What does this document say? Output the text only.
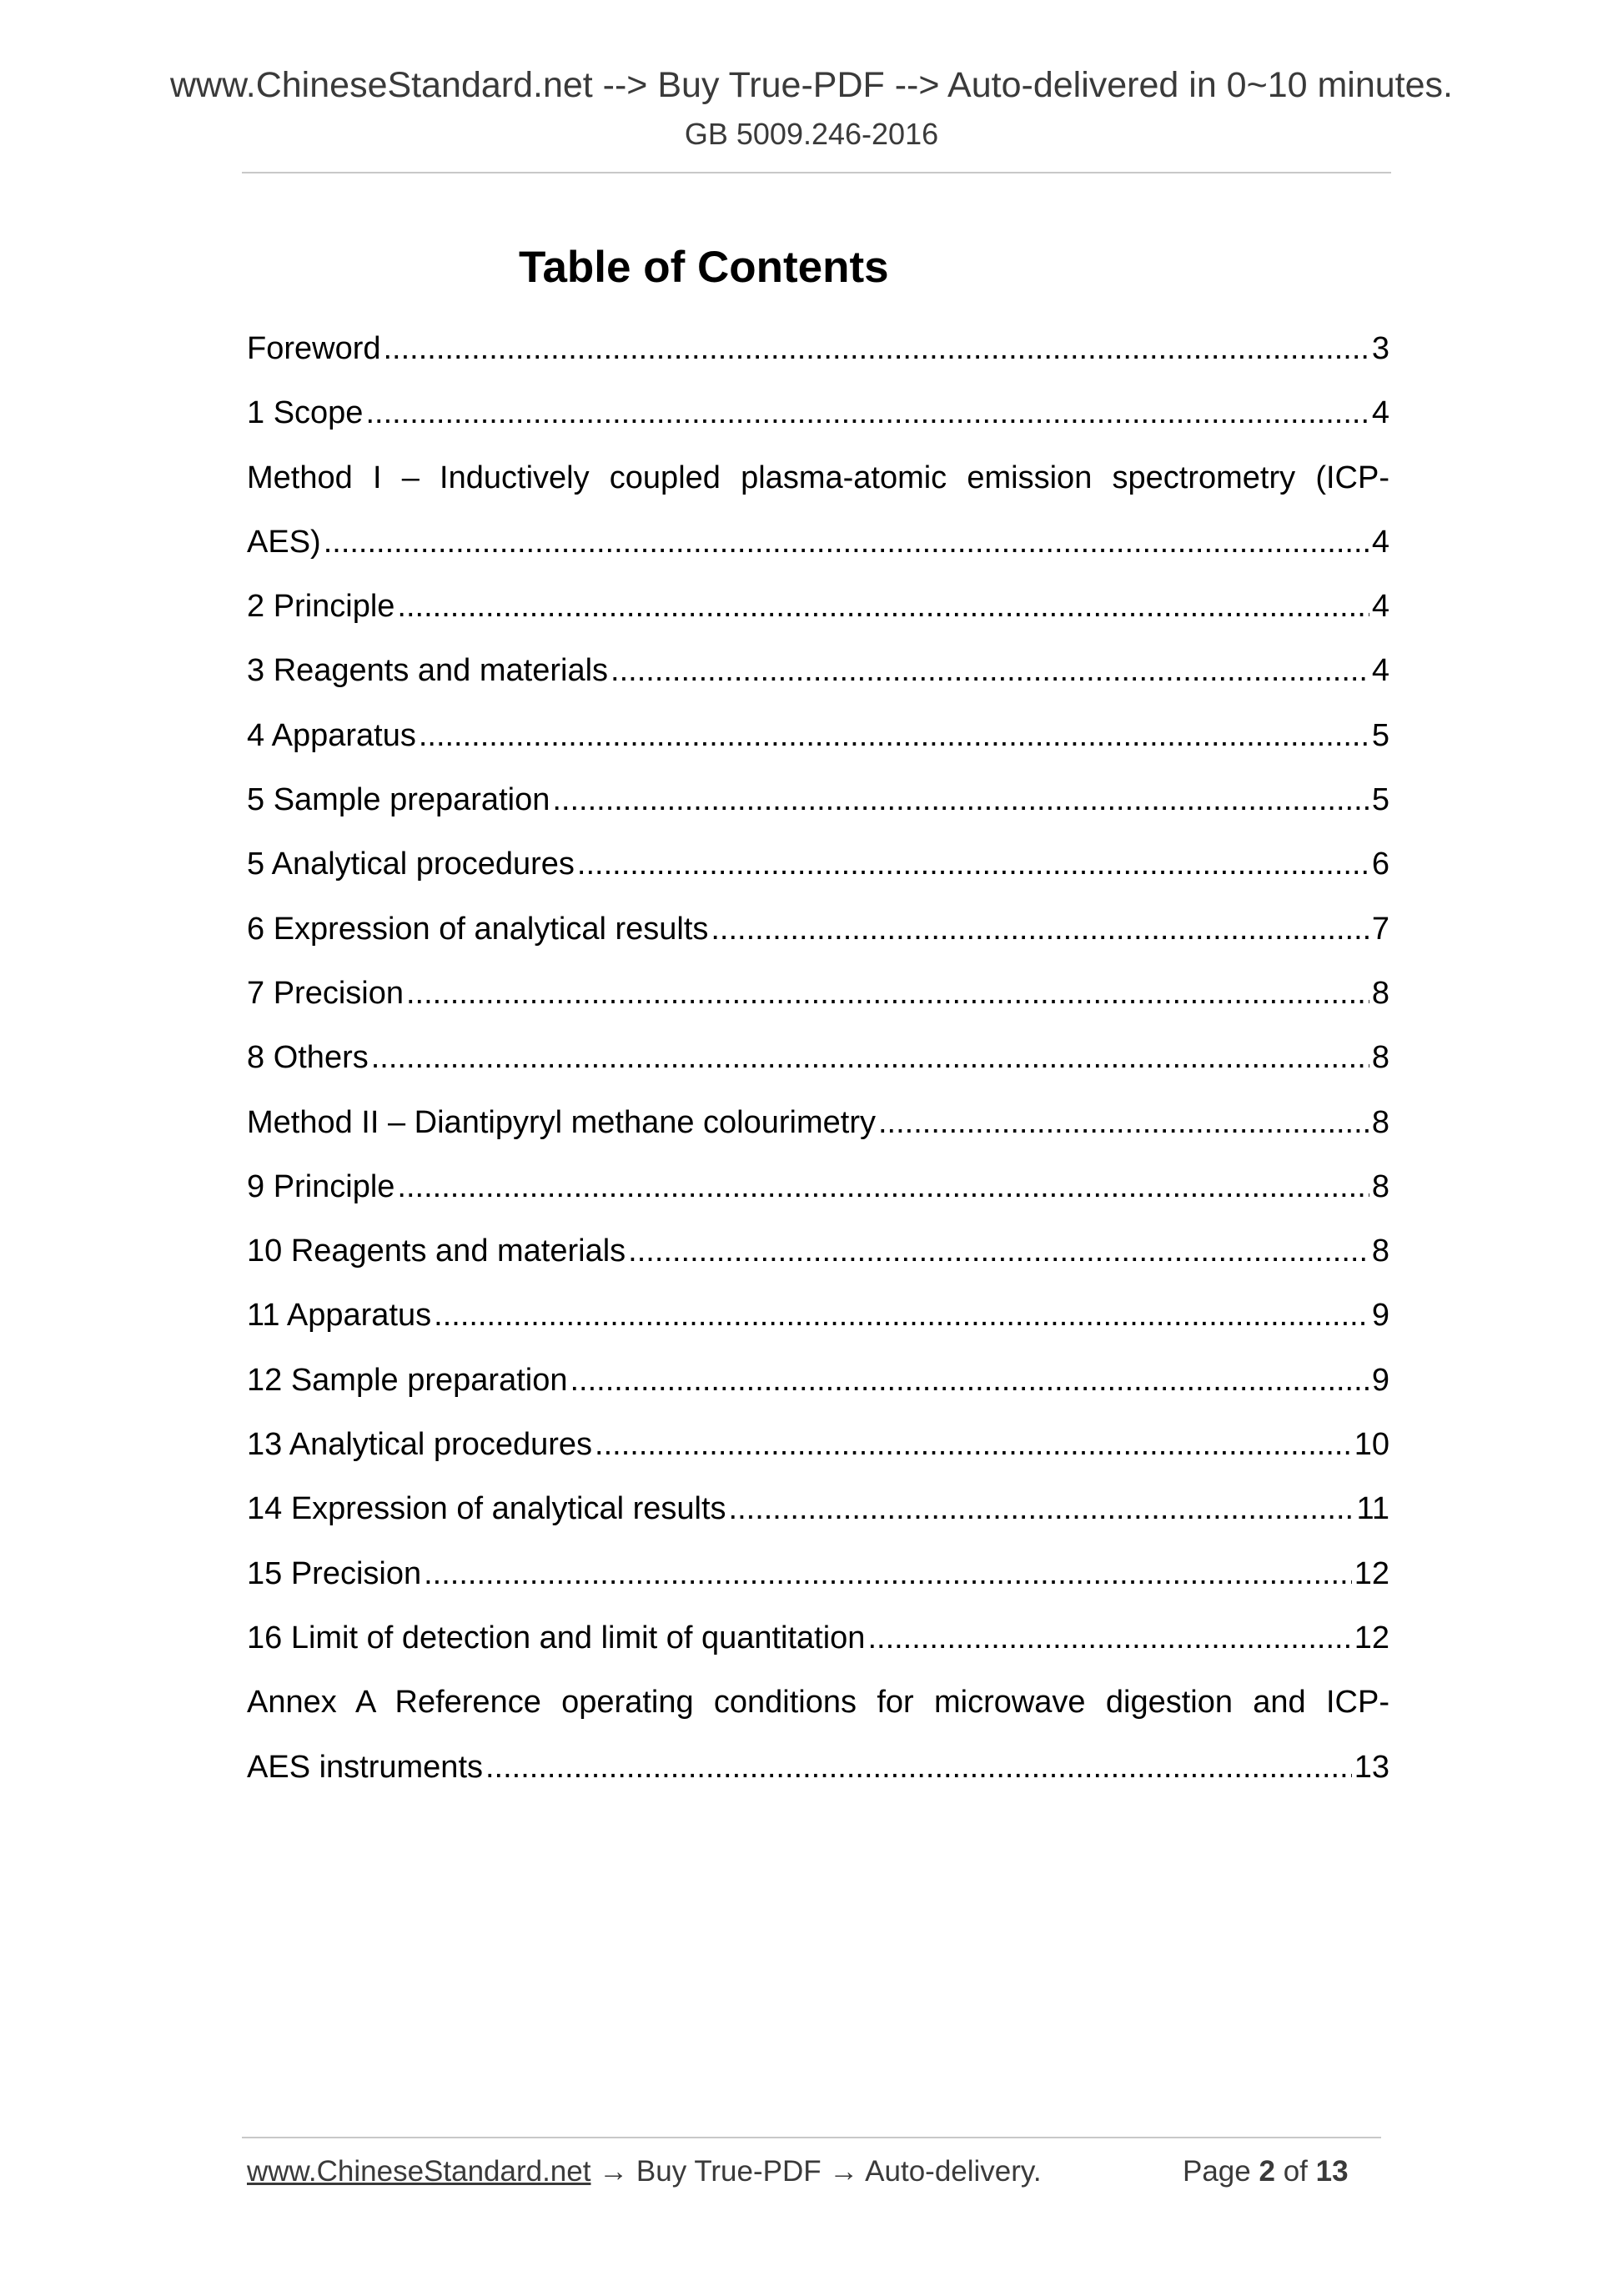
www.ChineseStandard.net --> Buy True-PDF --> Auto-delivered in 0~10 minutes.
GB 5009.246-2016
Table of Contents
Foreword .....	3
1 Scope .....	4
Method I – Inductively coupled plasma-atomic emission spectrometry (ICP-
AES) .....	4
2 Principle .....	4
3 Reagents and materials .....	4
4 Apparatus .....	5
5 Sample preparation .....	5
5 Analytical procedures .....	6
6 Expression of analytical results .....	7
7 Precision .....	8
8 Others .....	8
Method II – Diantipyryl methane colourimetry .....	8
9 Principle .....	8
10 Reagents and materials .....	8
11 Apparatus .....	9
12 Sample preparation .....	9
13 Analytical procedures .....	10
14 Expression of analytical results .....	11
15 Precision .....	12
16 Limit of detection and limit of quantitation .....	12
Annex A Reference operating conditions for microwave digestion and ICP-
AES instruments .....	13
www.ChineseStandard.net → Buy True-PDF → Auto-delivery.	Page 2 of 13
